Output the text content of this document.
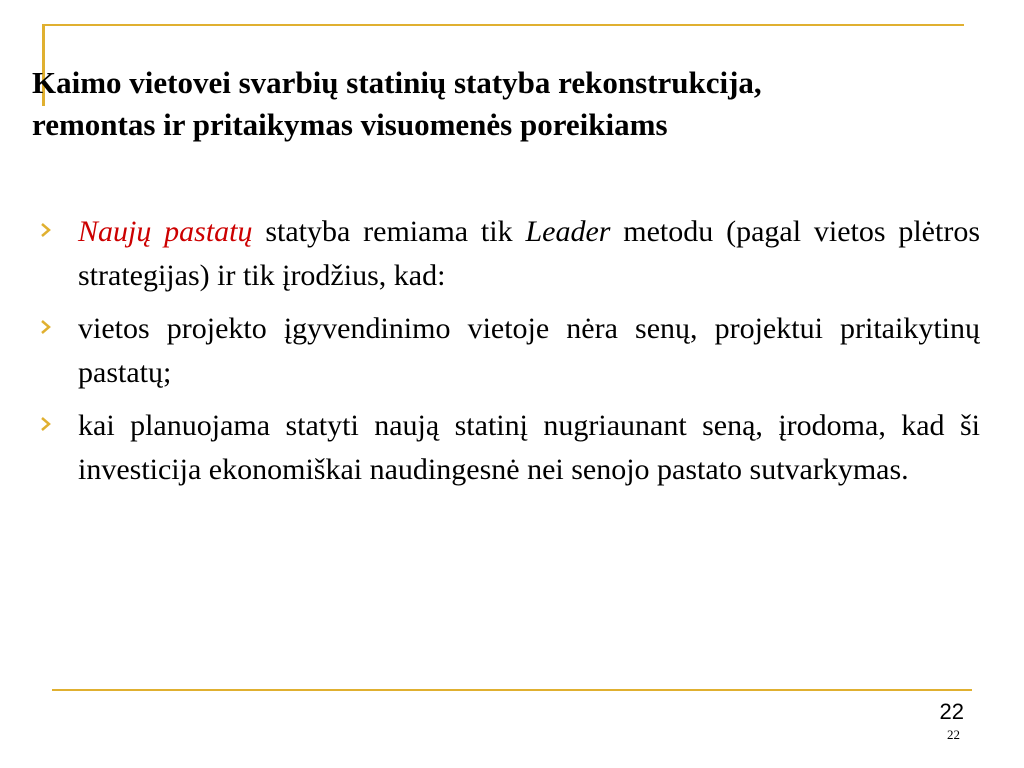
Kaimo vietovei svarbių statinių statyba rekonstrukcija,
remontas ir pritaikymas visuomenės poreikiams
Naujų pastatų statyba remiama tik Leader metodu (pagal vietos plėtros strategijas) ir tik įrodžius, kad:
vietos projekto įgyvendinimo vietoje nėra senų, projektui pritaikytinų pastatų;
kai planuojama statyti naują statinį nugriaunant seną, įrodoma, kad ši investicija ekonomiškai naudingesnė nei senojo pastato sutvarkymas.
22
22
